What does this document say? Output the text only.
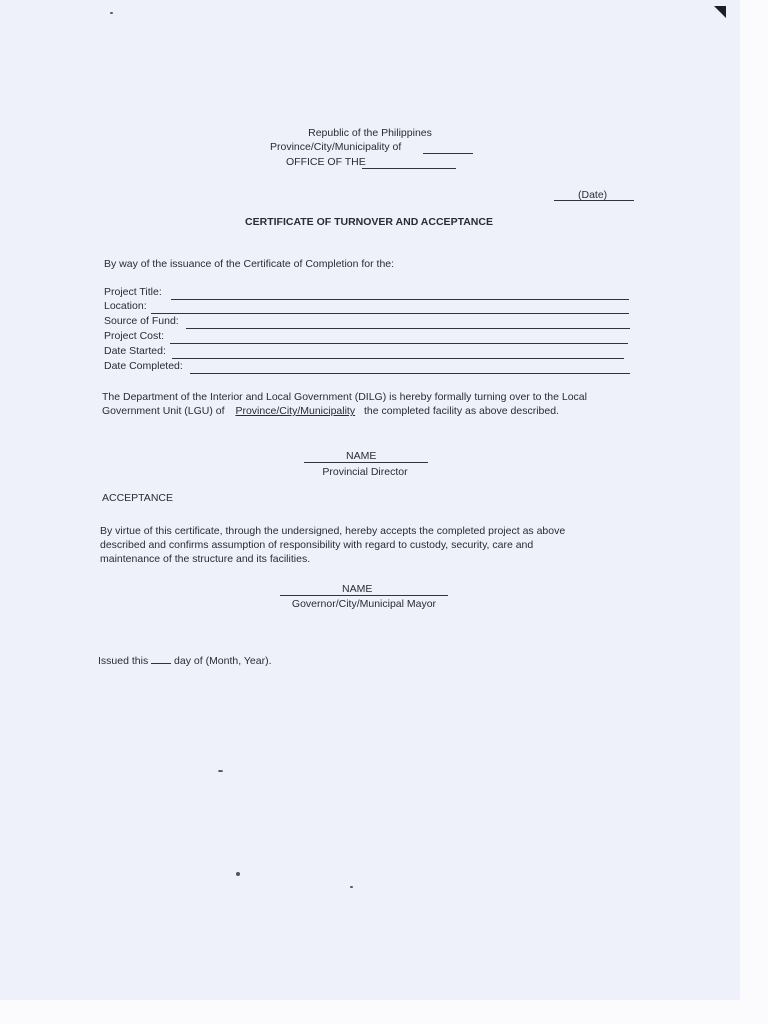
Republic of the Philippines
Province/City/Municipality of
OFFICE OF THE
(Date)
CERTIFICATE OF TURNOVER AND ACCEPTANCE
By way of the issuance of the Certificate of Completion for the:
Project Title:
Location:
Source of Fund:
Project Cost:
Date Started:
Date Completed:
The Department of the Interior and Local Government (DILG) is hereby formally turning over to the Local
Government Unit (LGU) of Province/City/Municipality the completed facility as above described.
NAME
Provincial Director
ACCEPTANCE
By virtue of this certificate, through the undersigned, hereby accepts the completed project as above
described and confirms assumption of responsibility with regard to custody, security, care and
maintenance of the structure and its facilities.
NAME
Governor/City/Municipal Mayor
Issued this day of (Month, Year).
